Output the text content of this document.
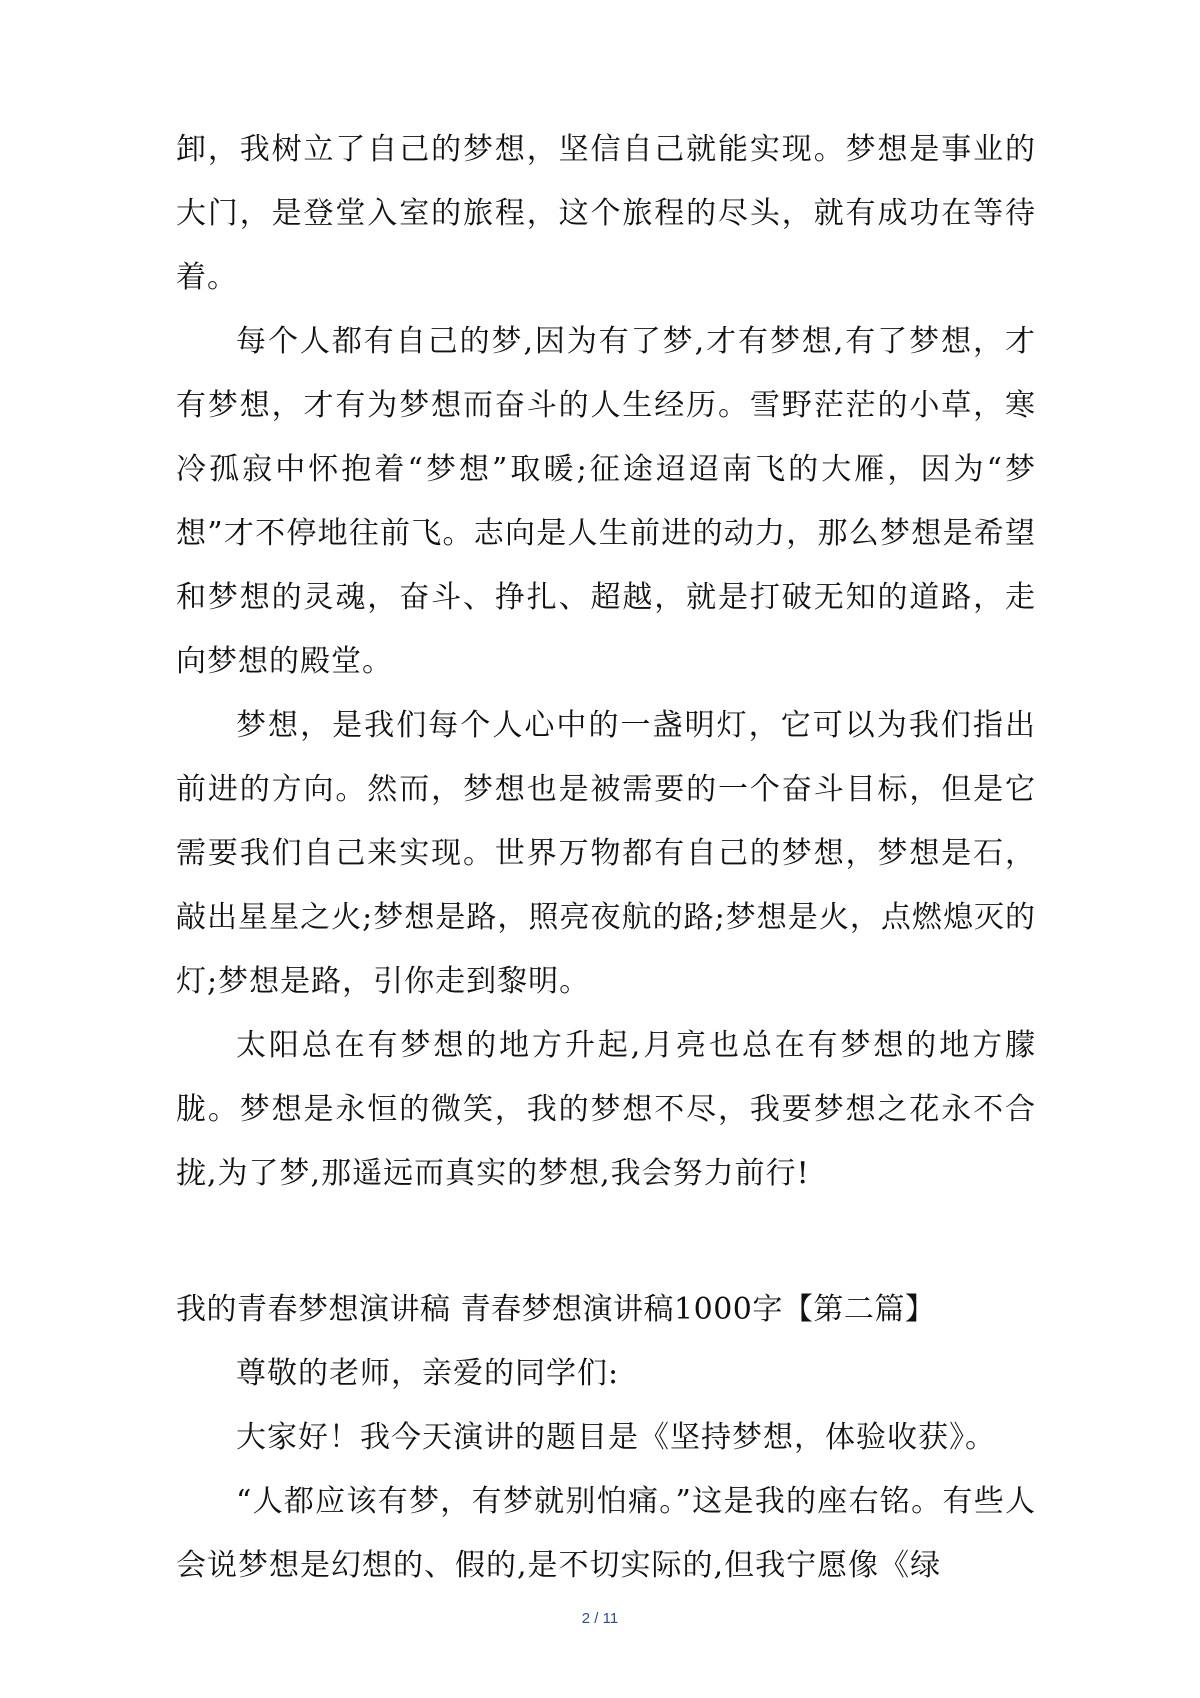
卸，我树立了自己的梦想，坚信自己就能实现。梦想是事业的大门，是登堂入室的旅程，这个旅程的尽头，就有成功在等待着。

每个人都有自己的梦,因为有了梦,才有梦想,有了梦想，才有梦想，才有为梦想而奋斗的人生经历。雪野茫茫的小草，寒冷孤寂中怀抱着“梦想”取暖;征途迢迢南飞的大雁，因为“梦想”才不停地往前飞。志向是人生前进的动力，那么梦想是希望和梦想的灵魂，奋斗、挣扎、超越，就是打破无知的道路，走向梦想的殿堂。

梦想，是我们每个人心中的一盏明灯，它可以为我们指出前进的方向。然而，梦想也是被需要的一个奋斗目标，但是它需要我们自己来实现。世界万物都有自己的梦想，梦想是石，敲出星星之火;梦想是路，照亮夜航的路;梦想是火，点燃熄灭的灯;梦想是路，引你走到黎明。

太阳总在有梦想的地方升起,月亮也总在有梦想的地方朦胧。梦想是永恒的微笑，我的梦想不尽，我要梦想之花永不合拢,为了梦,那遥远而真实的梦想,我会努力前行!

我的青春梦想演讲稿 青春梦想演讲稿1000字【第二篇】

尊敬的老师，亲爱的同学们:

大家好！我今天演讲的题目是《坚持梦想，体验收获》。

“人都应该有梦，有梦就别怕痛。”这是我的座右铭。有些人会说梦想是幻想的、假的,是不切实际的,但我宁愿像《绿

2 / 11
